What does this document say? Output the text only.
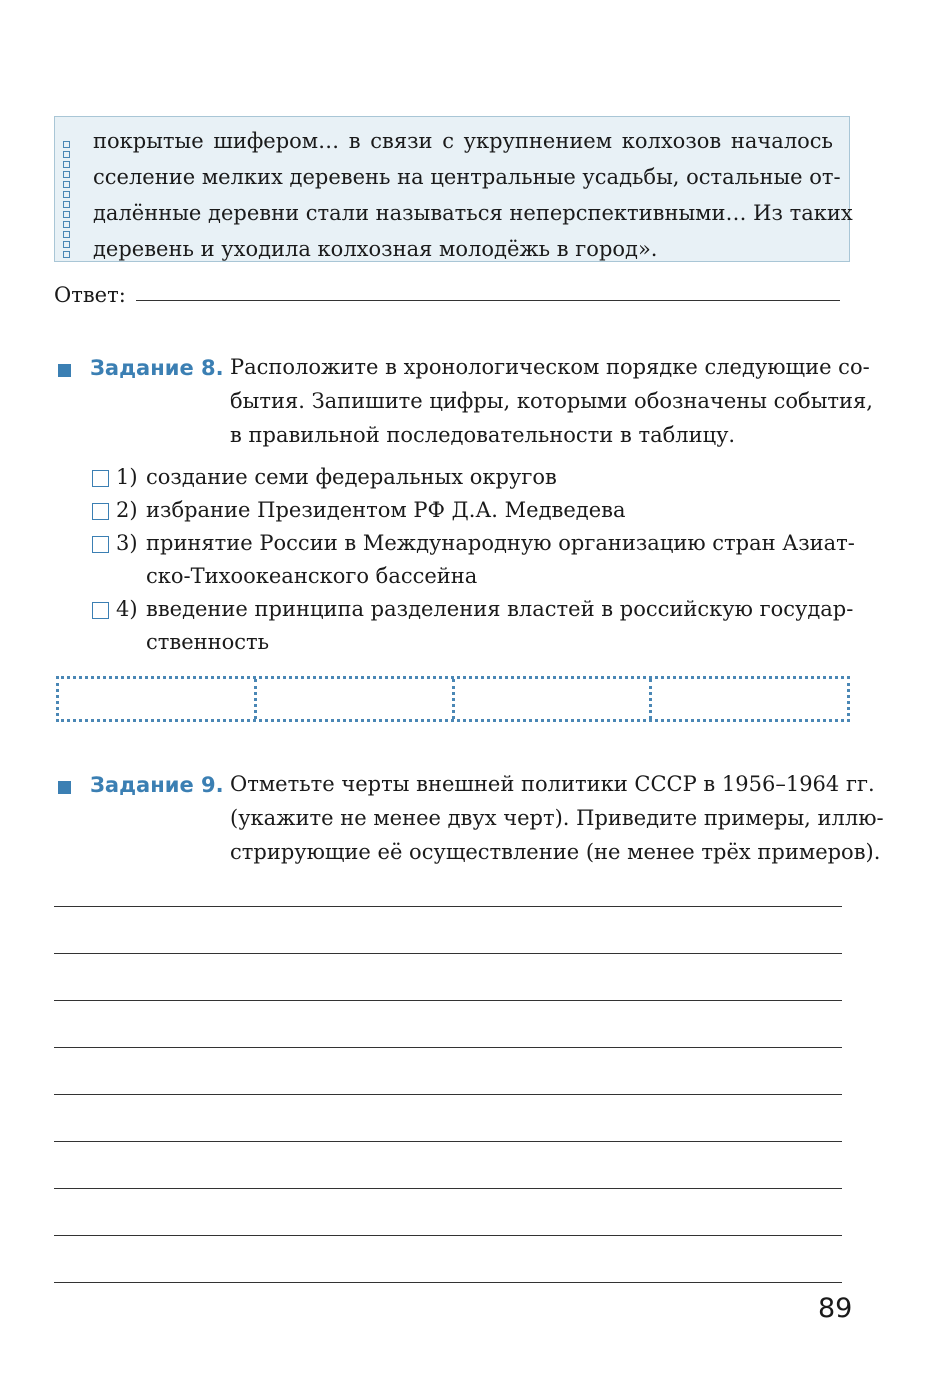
покрытые шифером… в связи с укрупнением колхозов началось
сселение мелких деревень на центральные усадьбы, остальные от-
далённые деревни стали называться неперспективными… Из таких
деревень и уходила колхозная молодёжь в город».
Ответ:
Задание 8. Расположите в хронологическом порядке следующие со-
бытия. Запишите цифры, которыми обозначены события,
в правильной последовательности в таблицу.
1) создание семи федеральных округов
2) избрание Президентом РФ Д.А. Медведева
3) принятие России в Международную организацию стран Азиат-
ско-Тихоокеанского бассейна
4) введение принципа разделения властей в российскую государ-
ственность
Задание 9. Отметьте черты внешней политики СССР в 1956–1964 гг.
(укажите не менее двух черт). Приведите примеры, иллю-
стрирующие её осуществление (не менее трёх примеров).
89
